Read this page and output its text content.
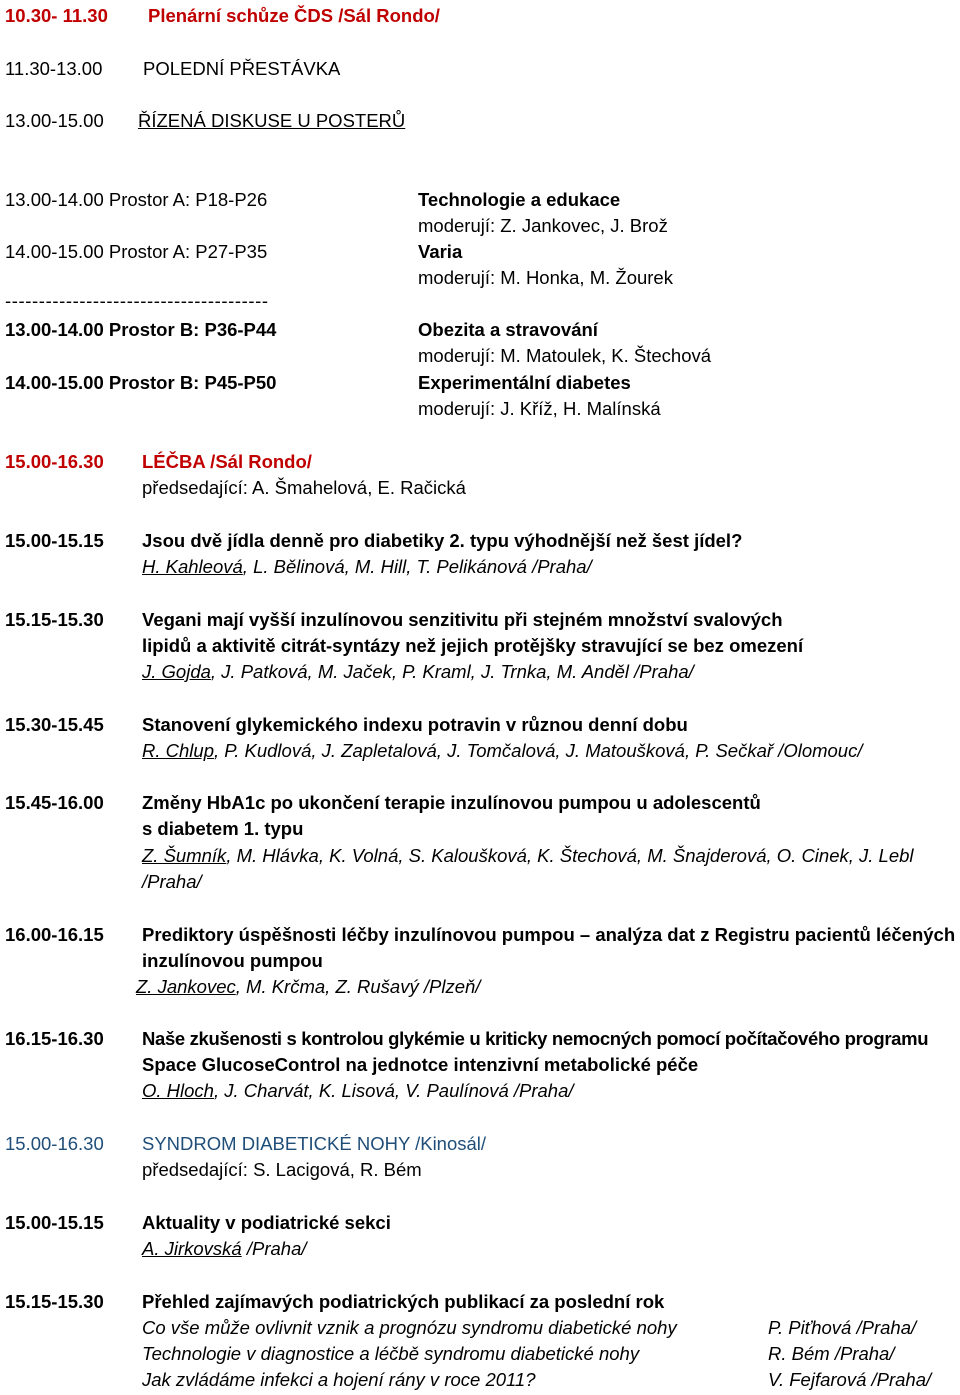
10.30- 11.30 Plenární schůze ČDS /Sál Rondo/
11.30-13.00 POLEDNÍ PŘESTÁVKA
13.00-15.00 ŘÍZENÁ DISKUSE U POSTERŮ
13.00-14.00 Prostor A: P18-P26	Technologie a edukace
moderují: Z. Jankovec, J. Brož
14.00-15.00 Prostor A: P27-P35	Varia
moderují: M. Honka, M. Žourek
---------------------------------------
13.00-14.00 Prostor B: P36-P44	Obezita a stravování
moderují: M. Matoulek, K. Štechová
14.00-15.00 Prostor B: P45-P50	Experimentální diabetes
moderují: J. Kříž, H. Malínská
15.00-16.30 LÉČBA /Sál Rondo/
předsedající: A. Šmahelová, E. Račická
15.00-15.15 Jsou dvě jídla denně pro diabetiky 2. typu výhodnější než šest jídel?
H. Kahleová, L. Bělinová, M. Hill, T. Pelikánová /Praha/
15.15-15.30 Vegani mají vyšší inzulínovou senzitivitu při stejném množství svalových
lipidů a aktivitě citrát-syntázy než jejich protějšky stravující se bez omezení
J. Gojda, J. Patková, M. Jaček, P. Kraml, J. Trnka, M. Anděl /Praha/
15.30-15.45 Stanovení glykemického indexu potravin v různou denní dobu
R. Chlup, P. Kudlová, J. Zapletalová, J. Tomčalová, J. Matoušková, P. Sečkař /Olomouc/
15.45-16.00 Změny HbA1c po ukončení terapie inzulínovou pumpou u adolescentů
s diabetem 1. typu
Z. Šumník, M. Hlávka, K. Volná, S. Kaloušková, K. Štechová, M. Šnajderová, O. Cinek, J. Lebl
/Praha/
16.00-16.15 Prediktory úspěšnosti léčby inzulínovou pumpou – analýza dat z Registru pacientů léčených
inzulínovou pumpou
Z. Jankovec, M. Krčma, Z. Rušavý /Plzeň/
16.15-16.30 Naše zkušenosti s kontrolou glykémie u kriticky nemocných pomocí počítačového programu
Space GlucoseControl na jednotce intenzivní metabolické péče
O. Hloch, J. Charvát, K. Lisová, V. Paulínová /Praha/
15.00-16.30 SYNDROM DIABETICKÉ NOHY /Kinosál/
předsedající: S. Lacigová, R. Bém
15.00-15.15 Aktuality v podiatrické sekci
A. Jirkovská /Praha/
15.15-15.30 Přehled zajímavých podiatrických publikací za poslední rok
Co vše může ovlivnit vznik a prognózu syndromu diabetické nohy	P. Piťhová /Praha/
Technologie v diagnostice a léčbě syndromu diabetické nohy	R. Bém /Praha/
Jak zvládáme infekci a hojení rány v roce 2011?	V. Fejfarová /Praha/
